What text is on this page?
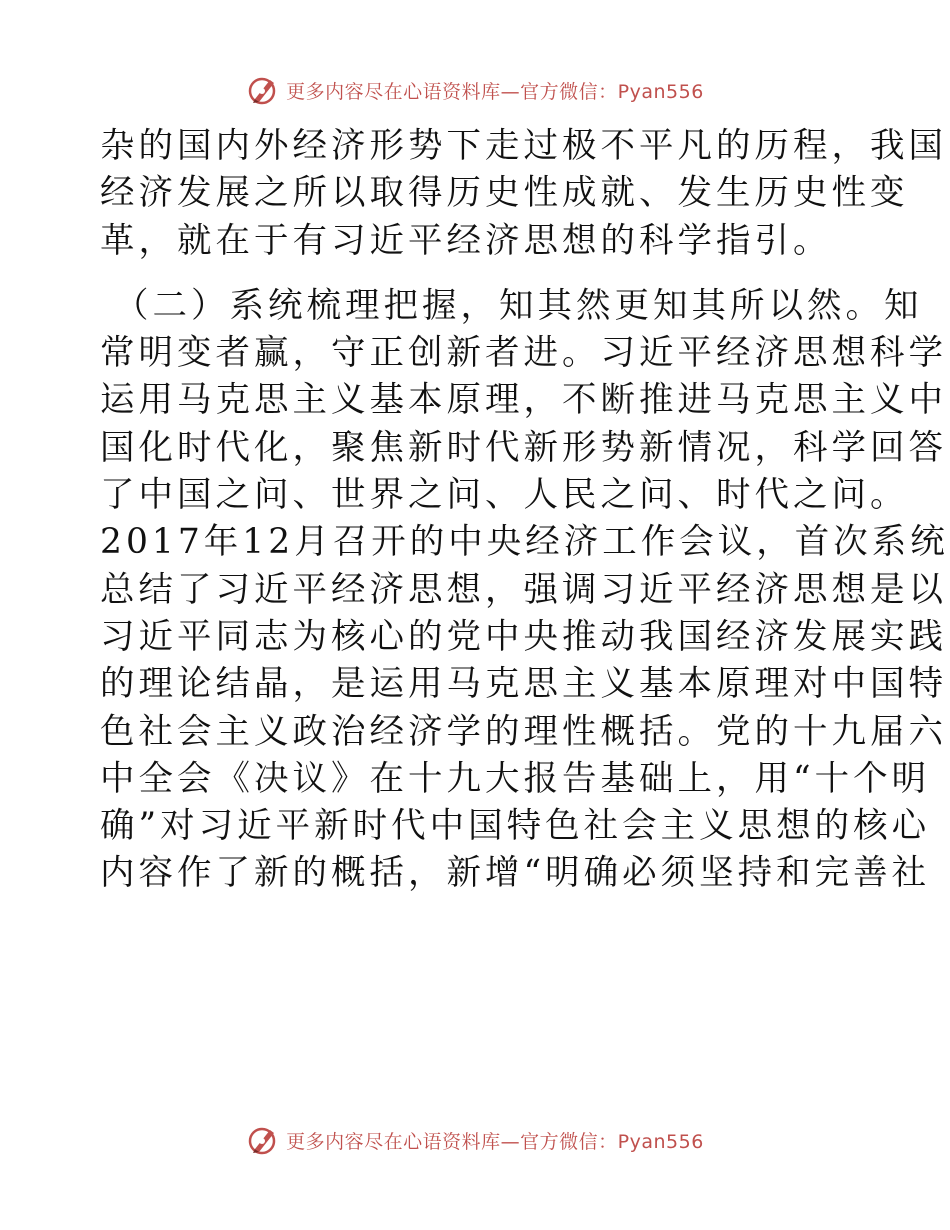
更多内容尽在心语资料库—官方微信：Pyan556
杂的国内外经济形势下走过极不平凡的历程，我国
经济发展之所以取得历史性成就、发生历史性变
革，就在于有习近平经济思想的科学指引。
（二）系统梳理把握，知其然更知其所以然。知
常明变者赢，守正创新者进。习近平经济思想科学
运用马克思主义基本原理，不断推进马克思主义中
国化时代化，聚焦新时代新形势新情况，科学回答
了中国之问、世界之问、人民之问、时代之问。
2017年12月召开的中央经济工作会议，首次系统
总结了习近平经济思想，强调习近平经济思想是以
习近平同志为核心的党中央推动我国经济发展实践
的理论结晶，是运用马克思主义基本原理对中国特
色社会主义政治经济学的理性概括。党的十九届六
中全会《决议》在十九大报告基础上，用“十个明
确”对习近平新时代中国特色社会主义思想的核心
内容作了新的概括，新增“明确必须坚持和完善社
更多内容尽在心语资料库—官方微信：Pyan556
